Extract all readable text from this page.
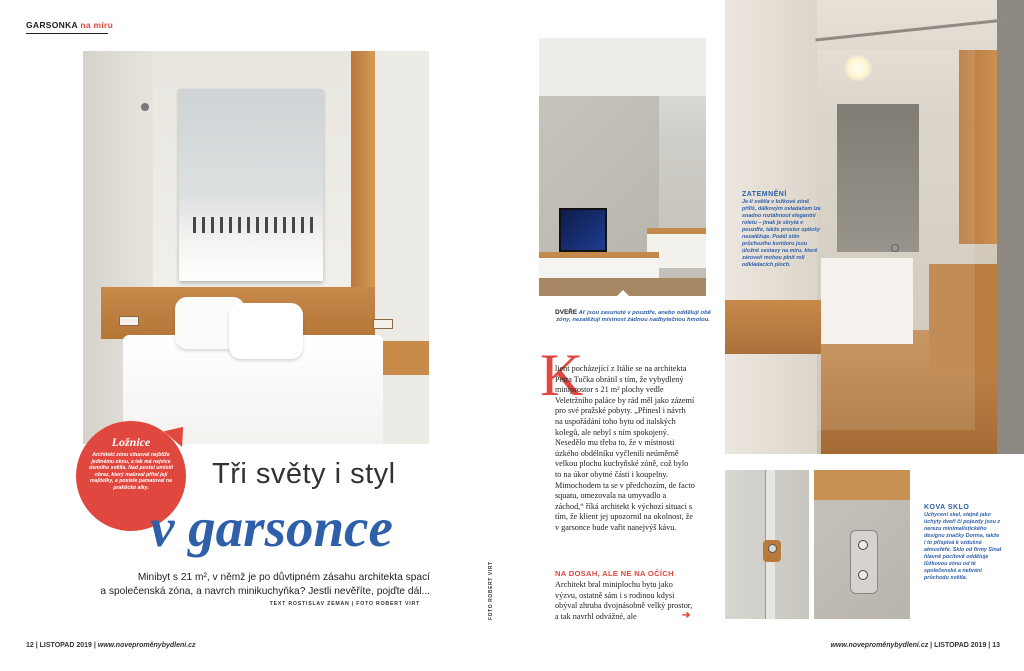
GARSONKA na míru
Ložnice
Architekt zónu situoval nejblíže jedinému oknu, a tak má nejvíce denního světla. Nad postel umístil obraz, který maloval přítel její majitelky, a postele pamatoval na praktické alky.	Tři světy i styl
v garsonce
Minibyt s 21 m², v němž je po důvtipném zásahu architekta spací
a společenská zóna, a navrch minikuchyňka? Jestli nevěříte, pojďte dál...
TEXT ROSTISLAV ZEMAN | FOTO ROBERT VIRT
DVEŘE Ať jsou zasunuté v pouzdře, anebo oddělují obě zóny, nezatěžují místnost žádnou nadbytečnou hmotou.
FOTO ROBERT VIRT
K

lient pocházející z Itálie se na architekta Petra Tučka obrátil s tím, že vybydlený miniprostor s 21 m² plochy vedle Veletržního paláce by rád měl jako zázemí pro své pražské pobyty. „Přinesl i návrh na uspořádání toho bytu od italských kolegů, ale nebyl s ním spokojený. Nesedělo mu třeba to, že v místnosti úzkého obdélníku vyčlenili neúměrně velkou plochu kuchyňské zóně, což bylo to na úkor obytné části i koupelny. Mimochodem ta se v předchozím, de facto squatu, omezovala na umyvadlo a záchod,“ říká architekt k výchozí situaci s tím, že klient jej upozornil na okolnost, že v garsonce bude vařit nanejvýš kávu.

NA DOSAH, ALE NE NA OČÍCH

Architekt bral miniplochu bytu jako výzvu, ostatně sám i s rodinou kdysi obýval zhruba dvojnásobně velký prostor, a tak navrhl odvážné, ale	➔
ZATEMNĚNÍ
Je-li světla v ložkové zóně příliš, dálkovým ovladačem lze snadno roztáhnout elegantní roletu – jinak je skrytá v pouzdře, takže prostor opticky nezatěžuje. Podél stěn průchozího koridoru jsou úložné sestavy na míru, které zároveň mohou plnit roli odkládacích ploch.
KOVA SKLO
Uchycení skel, stejně jako úchyty dveří či pojezdy jsou z nerezu minimalistického designu značky Dorma, takže i to přispívá k vzdušné atmosféře. Sklo od firmy Sinal hlavně pocitově odděluje lůžkovou zónu od té společenské a nebrání průchodu světla.
12 | LISTOPAD 2019 | www.noveproměnybydlení.cz	www.noveproměnybydlení.cz | LISTOPAD 2019 | 13
